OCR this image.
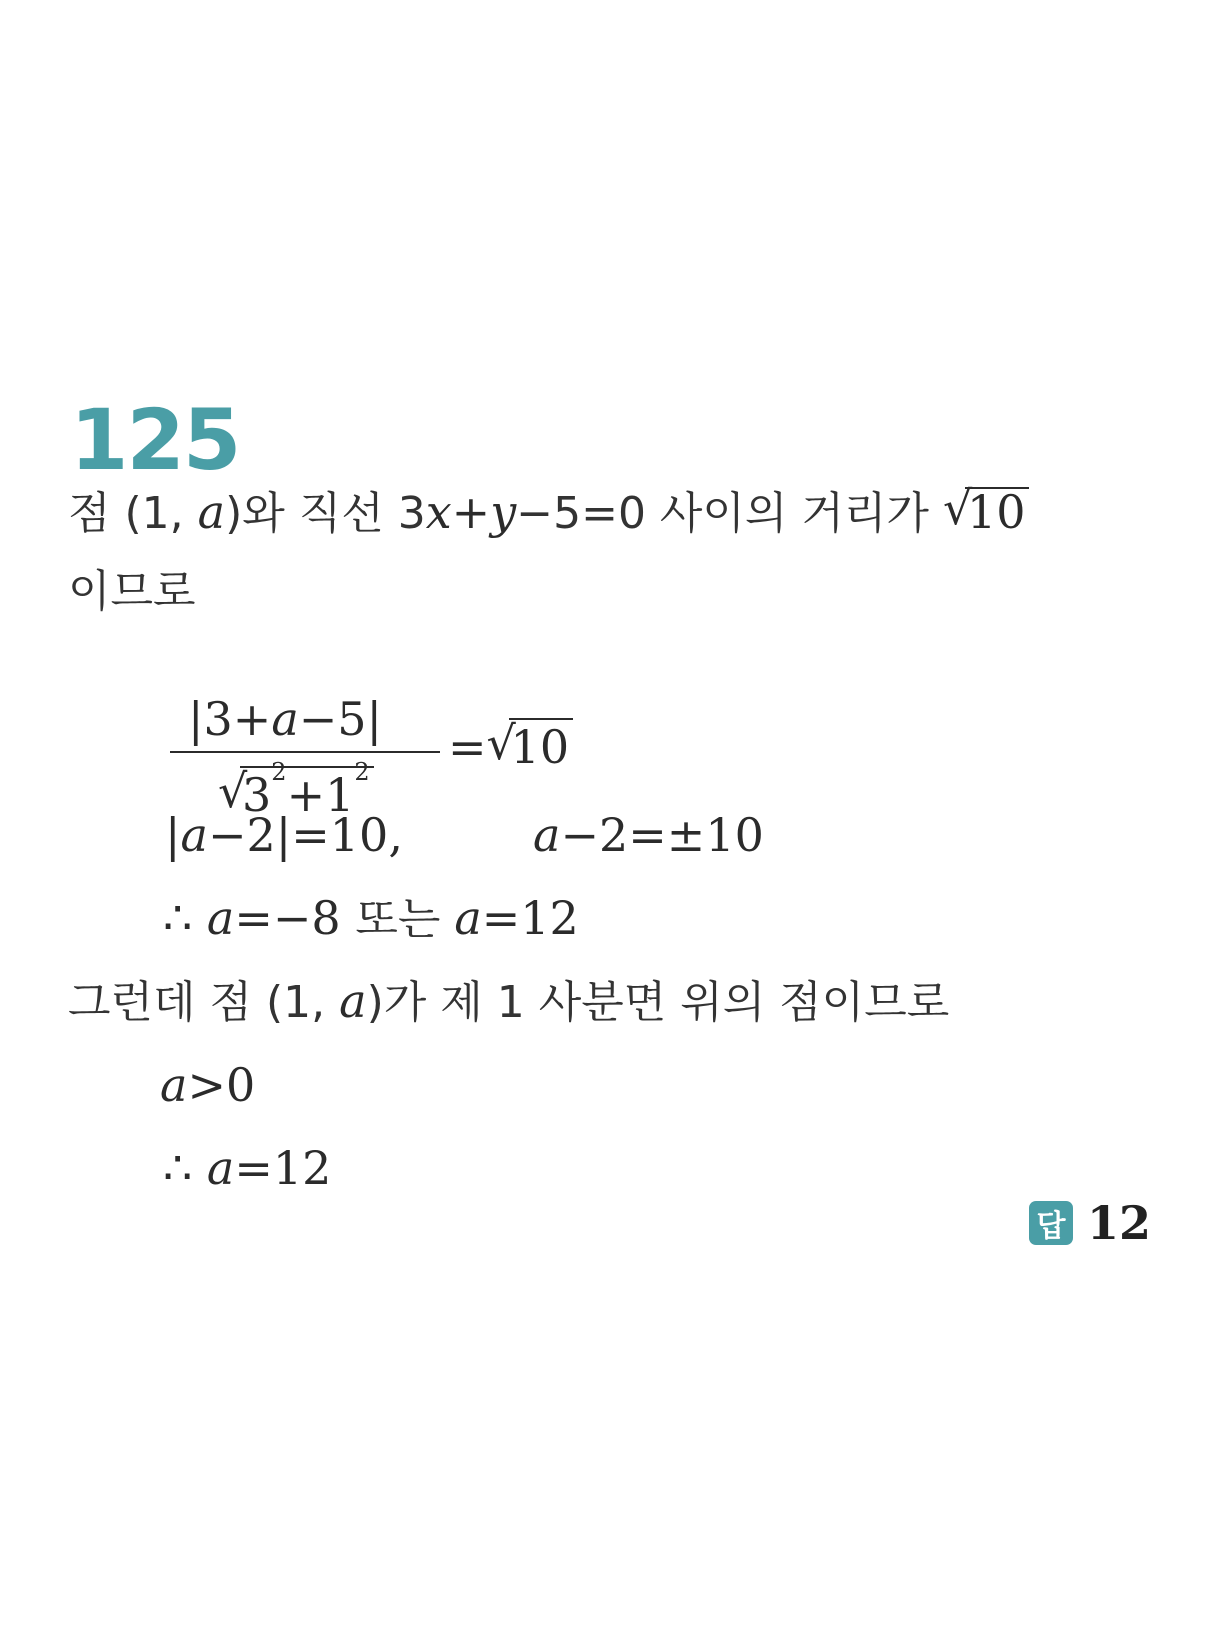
125
점 (1, a)와 직선 3x+y−5=0 사이의 거리가 √
10
이므로
|3+a−5|
√
$3^2+1^2$ = √
10
|a−2|=10,	a−2=±10
∴ a=−8 또는 a=12
그런데 점 (1, a)가 제 1 사분면 위의 점이므로
a>0
∴ a=12
답 12
